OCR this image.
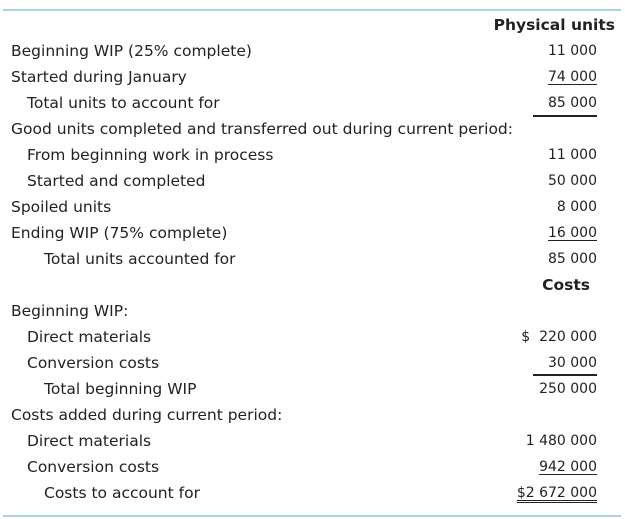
Physical units
Beginning WIP (25% complete)	11 000
Started during January	74 000
Total units to account for	85 000
Good units completed and transferred out during current period:
From beginning work in process	11 000
Started and completed	50 000
Spoiled units	8 000
Ending WIP (75% complete)	16 000
Total units accounted for	85 000
Costs
Beginning WIP:
Direct materials	$  220 000
Conversion costs	30 000
Total beginning WIP	250 000
Costs added during current period:
Direct materials	1 480 000
Conversion costs	942 000
Costs to account for	$2 672 000
